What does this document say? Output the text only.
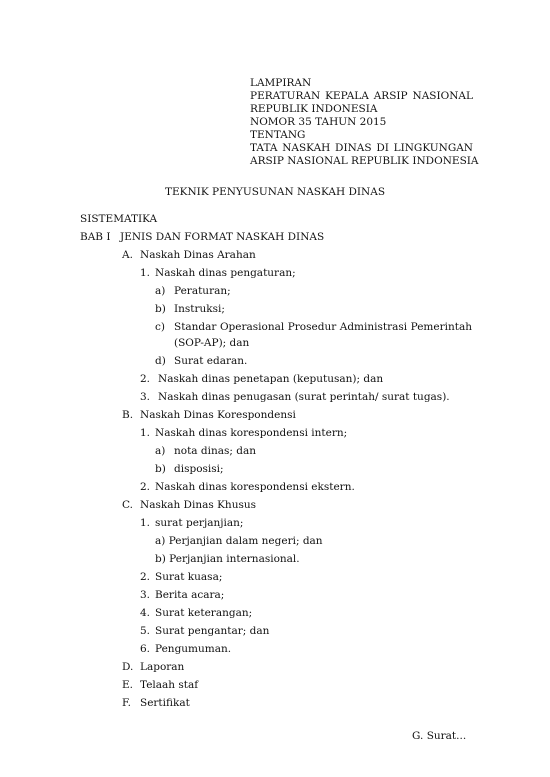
LAMPIRAN
PERATURAN KEPALA ARSIP NASIONAL
REPUBLIK INDONESIA
NOMOR 35 TAHUN 2015
TENTANG
TATA NASKAH DINAS DI LINGKUNGAN
ARSIP NASIONAL REPUBLIK INDONESIA
TEKNIK PENYUSUNAN NASKAH DINAS
SISTEMATIKA
BAB I JENIS DAN FORMAT NASKAH DINAS
A. Naskah Dinas Arahan
1. Naskah dinas pengaturan;
a) Peraturan;
b) Instruksi;
c) Standar Operasional Prosedur Administrasi Pemerintah
(SOP-AP); dan
d) Surat edaran.
2. Naskah dinas penetapan (keputusan); dan
3. Naskah dinas penugasan (surat perintah/ surat tugas).
B. Naskah Dinas Korespondensi
1. Naskah dinas korespondensi intern;
a) nota dinas; dan
b) disposisi;
2. Naskah dinas korespondensi ekstern.
C. Naskah Dinas Khusus
1. surat perjanjian;
a) Perjanjian dalam negeri; dan
b) Perjanjian internasional.
2. Surat kuasa;
3. Berita acara;
4. Surat keterangan;
5. Surat pengantar; dan
6. Pengumuman.
D. Laporan
E. Telaah staf
F. Sertifikat
G. Surat...
